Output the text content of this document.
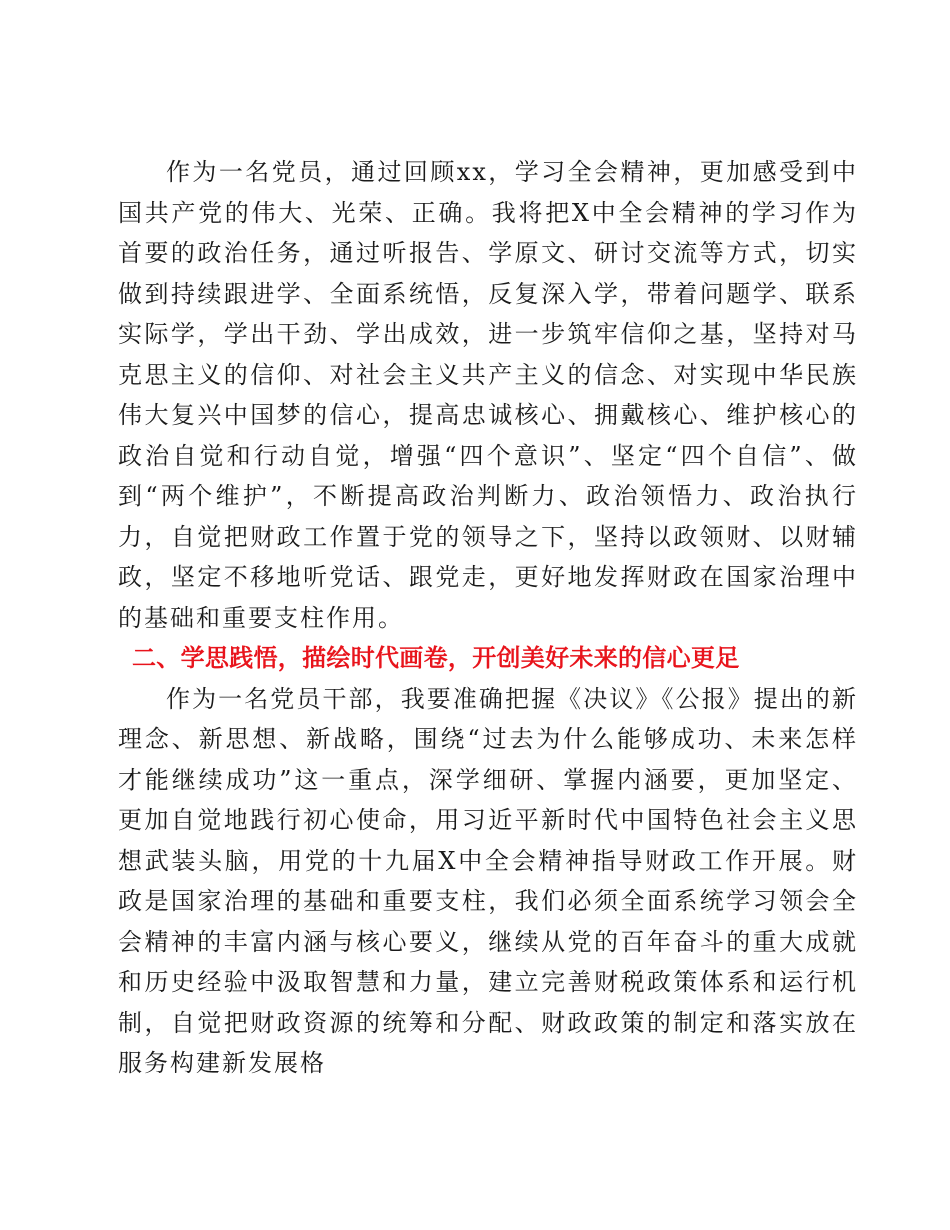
作为一名党员，通过回顾xx，学习全会精神，更加感受到中国共产党的伟大、光荣、正确。我将把X中全会精神的学习作为首要的政治任务，通过听报告、学原文、研讨交流等方式，切实做到持续跟进学、全面系统悟，反复深入学，带着问题学、联系实际学，学出干劲、学出成效，进一步筑牢信仰之基，坚持对马克思主义的信仰、对社会主义共产主义的信念、对实现中华民族伟大复兴中国梦的信心，提高忠诚核心、拥戴核心、维护核心的政治自觉和行动自觉，增强“四个意识”、坚定“四个自信”、做到“两个维护”，不断提高政治判断力、政治领悟力、政治执行力，自觉把财政工作置于党的领导之下，坚持以政领财、以财辅政，坚定不移地听党话、跟党走，更好地发挥财政在国家治理中的基础和重要支柱作用。

二、学思践悟，描绘时代画卷，开创美好未来的信心更足

作为一名党员干部，我要准确把握《决议》《公报》提出的新理念、新思想、新战略，围绕“过去为什么能够成功、未来怎样才能继续成功”这一重点，深学细研、掌握内涵要，更加坚定、更加自觉地践行初心使命，用习近平新时代中国特色社会主义思想武装头脑，用党的十九届X中全会精神指导财政工作开展。财政是国家治理的基础和重要支柱，我们必须全面系统学习领会全会精神的丰富内涵与核心要义，继续从党的百年奋斗的重大成就和历史经验中汲取智慧和力量，建立完善财税政策体系和运行机制，自觉把财政资源的统筹和分配、财政政策的制定和落实放在服务构建新发展格
